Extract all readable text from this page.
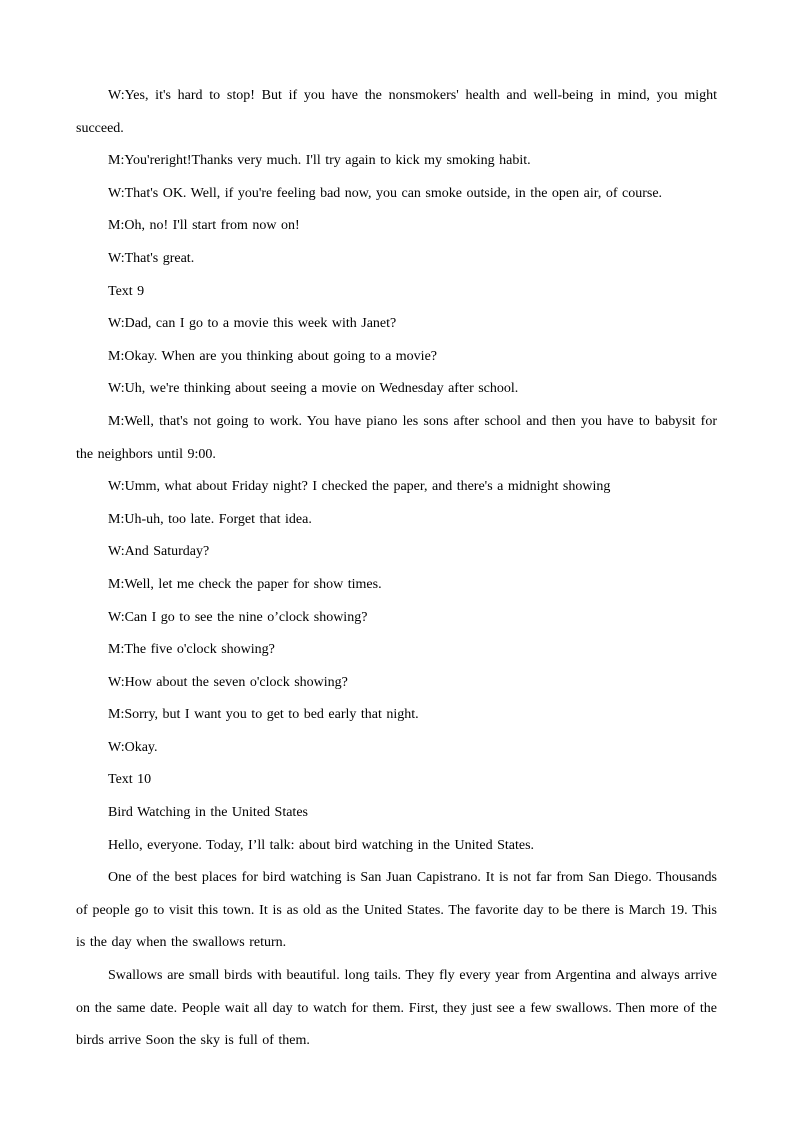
W:Yes, it's hard to stop! But if you have the nonsmokers' health and well-being in mind, you might succeed.

M:You'reright!Thanks very much. I'll try again to kick my smoking habit.

W:That's OK. Well, if you're feeling bad now, you can smoke outside, in the open air, of course.

M:Oh, no! I'll start from now on!

W:That's great.

Text 9

W:Dad, can I go to a movie this week with Janet?

M:Okay. When are you thinking about going to a movie?

W:Uh, we're thinking about seeing a movie on Wednesday after school.

M:Well, that's not going to work. You have piano les sons after school and then you have to babysit for the neighbors until 9:00.

W:Umm, what about Friday night? I checked the paper, and there's a midnight showing

M:Uh-uh, too late. Forget that idea.

W:And Saturday?

M:Well, let me check the paper for show times.

W:Can I go to see the nine o’clock showing?

M:The five o'clock showing?

W:How about the seven o'clock showing?

M:Sorry, but I want you to get to bed early that night.

W:Okay.

Text 10

Bird Watching in the United States

Hello, everyone. Today, I’ll talk: about bird watching in the United States.

One of the best places for bird watching is San Juan Capistrano. It is not far from San Diego. Thousands of people go to visit this town. It is as old as the United States. The favorite day to be there is March 19. This is the day when the swallows return.

Swallows are small birds with beautiful. long tails. They fly every year from Argentina and always arrive on the same date. People wait all day to watch for them. First, they just see a few swallows. Then more of the birds arrive Soon the sky is full of them.
